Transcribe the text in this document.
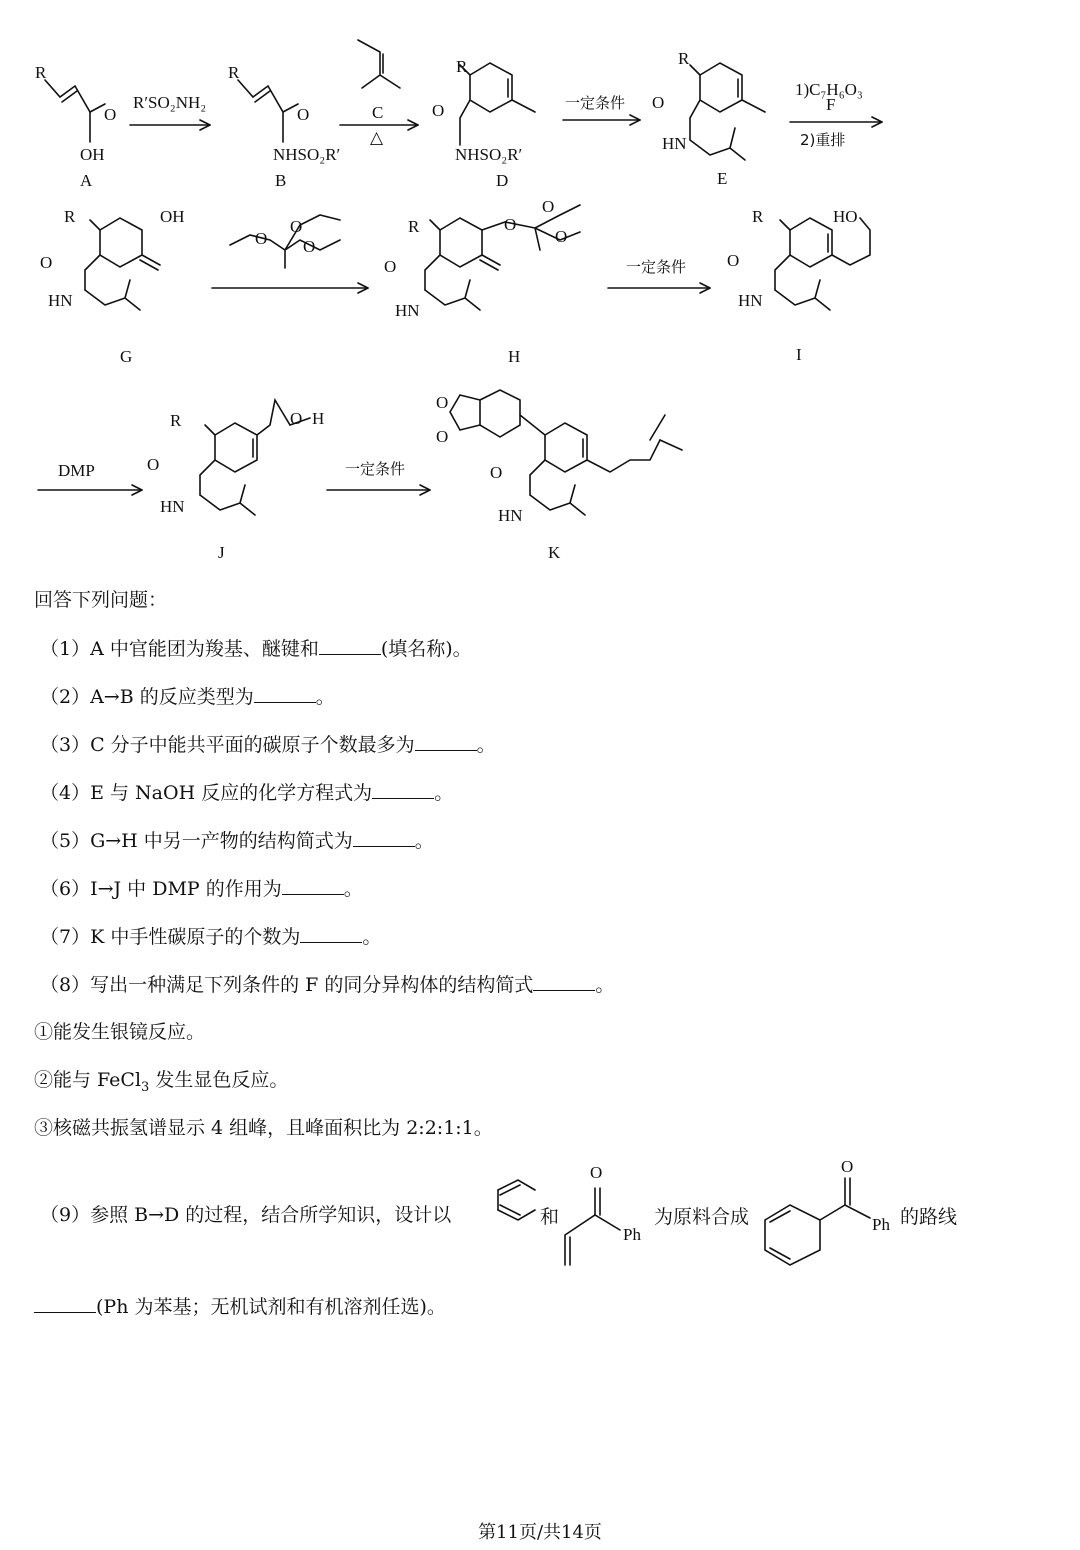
A	B
C
D	E
F
G	H	I
J	K
R′SO₂NH₂
△
一定条件
1)C₇H₆O₃
2)重排
一定条件
DMP	一定条件
R
O
OH
R
O
NHSO₂R′
R
O
NHSO₂R′
R
O
HN
R	OH
O
HN
O
O
O
R
O
HN
O
O
O
R	HO
O
HN
R	O H
O
HN
O
O
O
HN
回答下列问题：
（1）A 中官能团为羧基、醚键和	(填名称)。
（2）A→B 的反应类型为	。
（3）C 分子中能共平面的碳原子个数最多为	。
（4）E 与 NaOH 反应的化学方程式为	。
（5）G→H 中另一产物的结构简式为	。
（6）I→J 中 DMP 的作用为	。
（7）K 中手性碳原子的个数为	。
（8）写出一种满足下列条件的 F 的同分异构体的结构简式	。
①能发生银镜反应。
②能与 FeCl$_3$ 发生显色反应。
③核磁共振氢谱显示 4 组峰，且峰面积比为 2:2:1:1。
（9）参照 B→D 的过程，结合所学知识，设计以	和	为原料合成	的路线
O
Ph
O
Ph
(Ph 为苯基；无机试剂和有机溶剂任选)。
第11页/共14页
